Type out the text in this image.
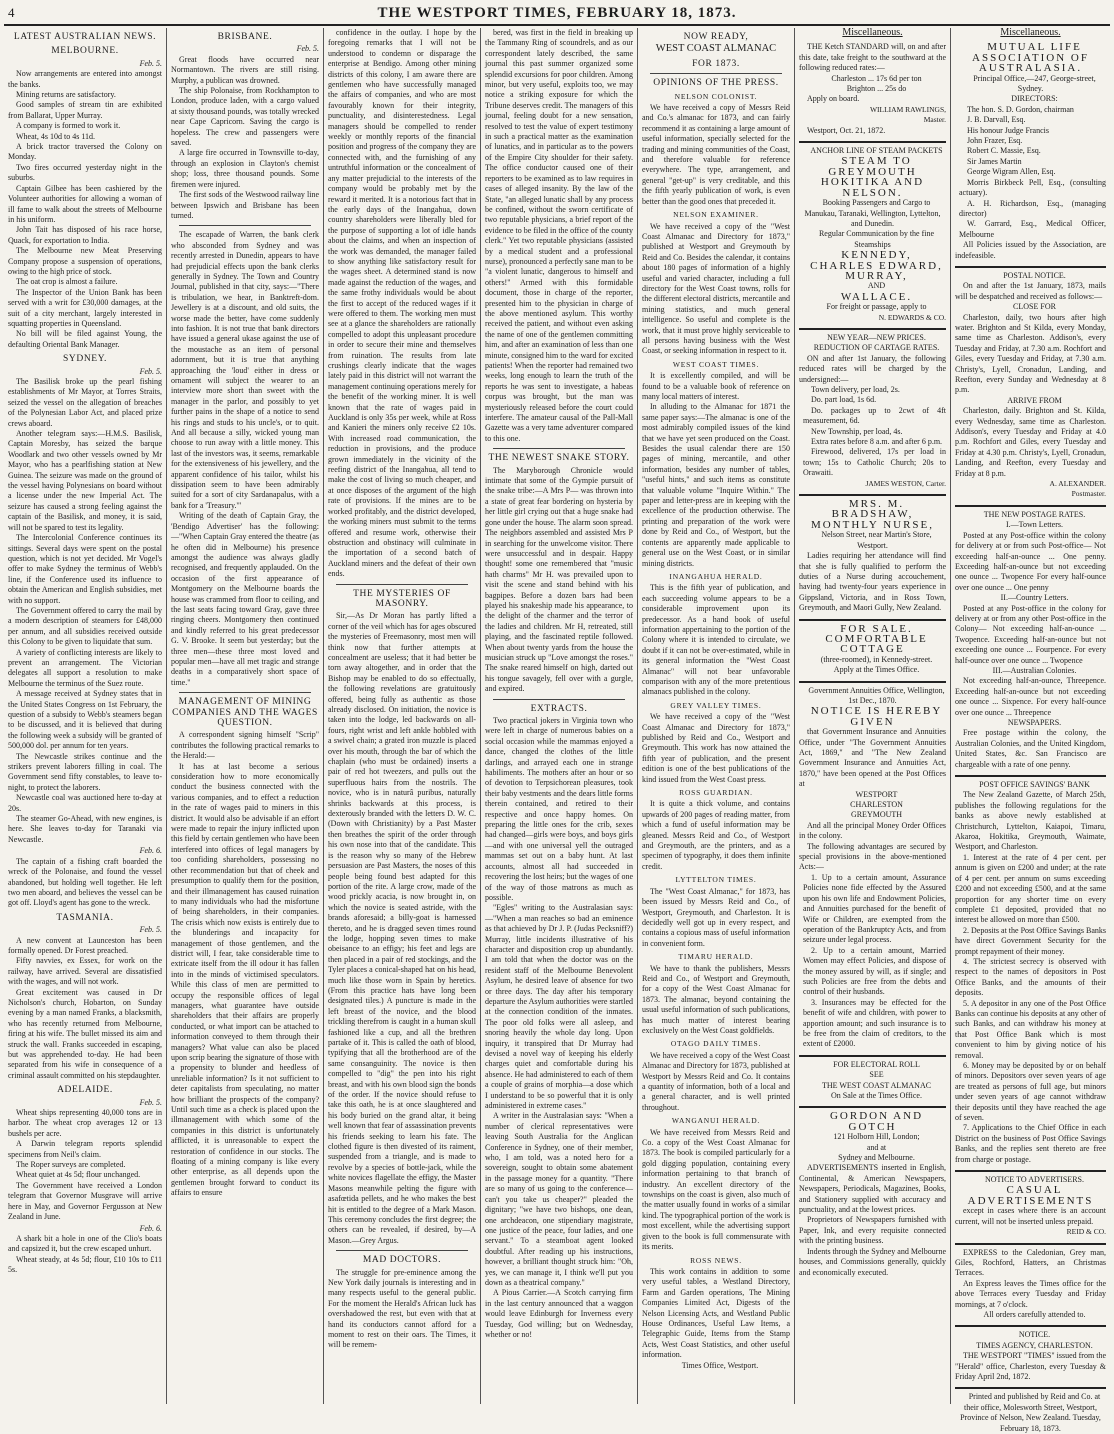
4	THE WESTPORT TIMES, FEBRUARY 18, 1873.
LATEST AUSTRALIAN NEWS.
MELBOURNE.

Feb. 5.

Now arrangements are entered into amongst the banks.

Mining returns are satisfactory.

Good samples of stream tin are exhibited from Ballarat, Upper Murray.

A company is formed to work it.

Wheat, 4s 10d to 4s 11d.

A brick tractor traversed the Colony on Monday.

Two fires occurred yesterday night in the suburbs.

Captain Gilbee has been cashiered by the Volunteer authorities for allowing a woman of ill fame to walk about the streets of Melbourne in his uniform.

John Tait has disposed of his race horse, Quack, for exportation to India.

The Melbourne new Meat Preserving Company propose a suspension of operations, owing to the high price of stock.

The oat crop is almost a failure.

The Inspector of the Union Bank has been served with a writ for £30,000 damages, at the suit of a city merchant, largely interested in squatting properties in Queensland.

No bill will be filed against Young, the defaulting Oriental Bank Manager.

SYDNEY.

Feb. 5.

The Basilisk broke up the pearl fishing establishments of Mr Mayor, at Torres Straits, seized the vessel on the allegation of breaches of the Polynesian Labor Act, and placed prize crews aboard.

Another telegram says:—H.M.S. Basilisk, Captain Moresby, has seized the barque Woodlark and two other vessels owned by Mr Mayor, who has a pearlfishing station at New Guinea. The seizure was made on the ground of the vessel having Polynesians on board without a license under the new Imperial Act. The seizure has caused a strong feeling against the captain of the Basilisk, and money, it is said, will not be spared to test its legality.

The Intercolonial Conference continues its sittings. Several days were spent on the postal question, which is not yet decided. Mr Vogel's offer to make Sydney the terminus of Webb's line, if the Conference used its influence to obtain the American and English subsidies, met with no support.

The Government offered to carry the mail by a modern description of steamers for £48,000 per annum, and all subsidies received outside this Colony to be given to liquidate that sum.

A variety of conflicting interests are likely to prevent an arrangement. The Victorian delegates all support a resolution to make Melbourne the terminus of the Suez route.

A message received at Sydney states that in the United States Congress on 1st February, the question of a subsidy to Webb's steamers began to be discussed, and it is believed that during the following week a subsidy will be granted of 500,000 dol. per annum for ten years.

The Newcastle strikes continue and the strikers prevent laborers filling in coal. The Government send fifty constables, to leave to-night, to protect the laborers.

Newcastle coal was auctioned here to-day at 20s.

The steamer Go-Ahead, with new engines, is here. She leaves to-day for Taranaki via Newcastle.

Feb. 6.

The captain of a fishing craft boarded the wreck of the Polonaise, and found the vessel abandoned, but holding well together. He left two men aboard, and believes the vessel can be got off. Lloyd's agent has gone to the wreck.

TASMANIA.

Feb. 5.

A new convent at Launceston has been formally opened. Dr Forest preached.

Fifty navvies, ex Essex, for work on the railway, have arrived. Several are dissatisfied with the wages, and will not work.

Great excitement was caused in Dr Nicholson's church, Hobarton, on Sunday evening by a man named Franks, a blacksmith, who has recently returned from Melbourne, firing at his wife. The bullet missed its aim and struck the wall. Franks succeeded in escaping, but was apprehended to-day. He had been separated from his wife in consequence of a criminal assault committed on his stepdaughter.

ADELAIDE.

Feb. 5.

Wheat ships representing 40,000 tons are in harbor. The wheat crop averages 12 or 13 bushels per acre.

A Darwin telegram reports splendid specimens from Neil's claim.

The Roper surveys are completed.

Wheat quiet at 4s 5d; flour unchanged.

The Government have received a London telegram that Governor Musgrave will arrive here in May, and Governor Fergusson at New Zealand in June.

Feb. 6.

A shark bit a hole in one of the Clio's boats and capsized it, but the crew escaped unhurt.

Wheat steady, at 4s 5d; flour, £10 10s to £11 5s.

BRISBANE.

Feb. 5.

Great floods have occurred near Normantown. The rivers are still rising. Murphy, a publican was drowned.

The ship Polonaise, from Rockhampton to London, produce laden, with a cargo valued at sixty thousand pounds, was totally wrecked near Cape Capricorn. Saving the cargo is hopeless. The crew and passengers were saved.

A large fire occurred in Townsville to-day, through an explosion in Clayton's chemist shop; loss, three thousand pounds. Some firemen were injured.

The first sods of the Westwood railway line between Ipswich and Brisbane has been turned.

The escapade of Warren, the bank clerk who absconded from Sydney and was recently arrested in Dunedin, appears to have had prejudicial effects upon the bank clerks generally in Sydney. The Town and Country Journal, published in that city, says:—"There is tribulation, we hear, in Banktreft-dom. Jewellery is at a discount, and old suits, the worse made the better, have come suddenly into fashion. It is not true that bank directors have issued a general ukase against the use of the moustache as an item of personal adornment, but it is true that anything approaching the 'loud' either in dress or ornament will subject the wearer to an interview more short than sweet with the manager in the parlor, and possibly to yet further pains in the shape of a notice to send his rings and studs to his uncle's, or to quit. And all because a silly, wicked young man choose to run away with a little money. This last of the investors was, it seems, remarkable for the extensiveness of his jewellery, and the apparent confidence of his tailor, whilst his dissipation seem to have been admirably suited for a sort of city Sardanapalus, with a bank for a 'Treasury.'"

Writing of the death of Captain Gray, the 'Bendigo Advertiser' has the following:—"When Captain Gray entered the theatre (as he often did in Melbourne) his presence amongst the audience was always gladly recognised, and frequently applauded. On the occasion of the first appearance of Montgomery on the Melbourne boards the house was crammed from floor to ceiling, and the last seats facing toward Gray, gave three ringing cheers. Montgomery then continued and kindly referred to his great predecessor G. V. Brooke. It seem but yesterday; but the three men—these three most loved and popular men—have all met tragic and strange deaths in a comparatively short space of time."

MANAGEMENT OF MINING COMPANIES AND THE WAGES QUESTION.

A correspondent signing himself "Scrip" contributes the following practical remarks to the Herald:—

It has at last become a serious consideration how to more economically conduct the business connected with the various companies, and to effect a reduction in the rate of wages paid to miners in this district. It would also be advisable if an effort were made to repair the injury inflicted upon this field by certain gentlemen who have been interfered into offices of legal managers by too confiding shareholders, possessing no other recommendation but that of cheek and presumption to qualify them for the position, and their illmanagement has caused ruination to many individuals who had the misfortune of being shareholders, in their companies. The crisis which now exists is entirely due to the blunderings and incapacity for management of those gentlemen, and the district will, I fear, take considerable time to extricate itself from the ill odour it has fallen into in the minds of victimised speculators. While this class of men are permitted to occupy the responsible offices of legal managers, what guarantee have outside shareholders that their affairs are properly conducted, or what import can be attached to information conveyed to them through their managers? What value can also be placed upon scrip bearing the signature of those with a propensity to blunder and heedless of unreliable information? Is it not sufficient to deter capitalists from speculating, no matter how brilliant the prospects of the company? Until such time as a check is placed upon the illmanagement with which some of the companies in this district is unfortunately afflicted, it is unreasonable to expect the restoration of confidence in our stocks. The floating of a mining company is like every other enterprise, as all depends upon the gentlemen brought forward to conduct its affairs to ensure

confidence in the outlay. I hope by the foregoing remarks that I will not be understood to condemn or disparage the enterprise at Bendigo. Among other mining districts of this colony, I am aware there are gentlemen who have successfully managed the affairs of companies, and who are most favourably known for their integrity, punctuality, and disinterestedness. Legal managers should be compelled to render weekly or monthly reports of the financial position and progress of the company they are connected with, and the furnishing of any untruthful information or the concealment of any matter prejudicial to the interests of the company would be probably met by the reward it merited. It is a notorious fact that in the early days of the Inangahua, down country shareholders were liberally bled for the purpose of supporting a lot of idle hands about the claims, and when an inspection of the work was demanded, the manager failed to show anything like satisfactory result for the wages sheet. A determined stand is now made against the reduction of the wages, and the same frothy individuals would be about the first to accept of the reduced wages if it were offered to them. The working men must see at a glance the shareholders are rationally compelled to adopt this unpleasant procedure in order to secure their mine and themselves from ruination. The results from late crushings clearly indicate that the wages lately paid in this district will not warrant the management continuing operations merely for the benefit of the working miner. It is well known that the rate of wages paid in Auckland is only 35s per week, while at Ross and Kanieri the miners only receive £2 10s. With increased road communication, the reduction in provisions, and the produce grown immediately in the vicinity of the reefing district of the Inangahua, all tend to make the cost of living so much cheaper, and at once disposes of the argument of the high rate of provisions. If the mines are to be worked profitably, and the district developed, the working miners must submit to the terms offered and resume work, otherwise their obstruction and obstinacy will culminate in the importation of a second batch of Auckland miners and the defeat of their own ends.

THE MYSTERIES OF MASONRY.

Sir,—As Dr Moran has partly lifted a corner of the veil which has for ages obscured the mysteries of Freemasonry, most men will think now that further attempts at concealment are useless; that it had better be torn away altogether, and in order that the Bishop may be enabled to do so effectually, the following revelations are gratuitously offered, being fully as authentic as those already disclosed. On initiation, the novice is taken into the lodge, led backwards on all-fours, right wrist and left ankle hobbled with a swivel chain; a grated iron muzzle is placed over his mouth, through the bar of which the chaplain (who must be ordained) inserts a pair of red hot tweezers, and pulls out the superfluous hairs from the nostrils. The novice, who is in naturâ puribus, naturally shrinks backwards at this process, is dexterously branded with the letters D. W. C. (Down with Christianity) by a Past Master then breathes the spirit of the order through his own nose into that of the candidate. This is the reason why so many of the Hebrew persuasion are Past Masters, the noses of this people being found best adapted for this portion of the rite. A large crow, made of the wood prickly acacia, is now brought in, on which the novice is seated astride, with the brands aforesaid; a billy-goat is harnessed thereto, and he is dragged seven times round the lodge, hopping seven times to make obeisance to an effigy; his feet and legs are then placed in a pair of red stockings, and the Tyler places a conical-shaped hat on his head, much like those worn in Spain by heretics. (From this practice hats have long been designated tiles.) A puncture is made in the left breast of the novice, and the blood trickling therefrom is caught in a human skull fashioned like a cup, and all the brethren partake of it. This is called the oath of blood, typifying that all the brotherhood are of the same consanguinity. The novice is then compelled to "dig" the pen into his right breast, and with his own blood sign the bonds of the order. If the novice should refuse to take this oath, he is at once slaughtered and his body buried on the grand altar, it being well known that fear of assassination prevents his friends seeking to learn his fate. The clothed figure is then divested of its raiment, suspended from a triangle, and is made to revolve by a species of bottle-jack, while the white novices flagellate the effigy, the Master Masons meanwhile pelting the figure with asafœtida pellets, and he who makes the best hit is entitled to the degree of a Mark Mason. This ceremony concludes the first degree; the others can be revealed, if desired, by—A Mason.—Grey Argus.

MAD DOCTORS.

The struggle for pre-eminence among the New York daily journals is interesting and in many respects useful to the general public. For the moment the Herald's African luck has overshadowed the rest, but even with that at hand its conductors cannot afford for a moment to rest on their oars. The Times, it will be remem-

bered, was first in the field in breaking up the Tammany Ring of scoundrels, and as our correspondent lately described, the same journal this past summer organized some splendid excursions for poor children. Among minor, but very useful, exploits too, we may notice a striking exposure for which the Tribune deserves credit. The managers of this journal, feeling doubt for a new sensation, resolved to test the value of expert testimony in such a practical matter as the examination of lunatics, and in particular as to the powers of the Empire City shoulder for their safety. The office conductor caused one of their reporters to be examined as to law requires in cases of alleged insanity. By the law of the State, "an alleged lunatic shall by any process be confined, without the sworn certificate of two reputable physicians, a brief report of the evidence to be filed in the office of the county clerk." Yet two reputable physicians (assisted by a medical student and a professional nurse), pronounced a perfectly sane man to be "a violent lunatic, dangerous to himself and others!" Armed with this formidable document, those in charge of the reporter, presented him to the physician in charge of the above mentioned asylum. This worthy received the patient, and without even asking the name of one of the gentlemen committing him, and after an examination of less than one minute, consigned him to the ward for excited patients! When the reporter had remained two weeks, long enough to learn the truth of the reports he was sent to investigate, a habeas corpus was brought, but the man was mysteriously released before the court could interfere. The amateur causal of the Pall-Mall Gazette was a very tame adventurer compared to this one.

THE NEWEST SNAKE STORY.

The Maryborough Chronicle would intimate that some of the Gympie pursuit of the snake tribe:—A Mrs P— was thrown into a state of great fear bordering on hysteria by her little girl crying out that a huge snake had gone under the house. The alarm soon spread. The neighbors assembled and assisted Mrs P in searching for the unwelcome visitor. There were unsuccessful and in despair. Happy thought! some one remembered that "music hath charms" Mr H. was prevailed upon to visit the scene and stand behind with his bagpipes. Before a dozen bars had been played his snakeship made his appearance, to the delight of the charmer and the terror of the ladies and children. Mr H, retreated, still playing, and the fascinated reptile followed. When about twenty yards from the house the musician struck up "Love amongst the roses." The snake reared himself on high, darted out his tongue savagely, fell over with a gurgle, and expired.

EXTRACTS.

Two practical jokers in Virginia town who were left in charge of numerous babies on a social occasion while the mammas enjoyed a dance, changed the clothes of the little darlings, and arrayed each one in strange habiliments. The mothers after an hour or so of devotion to Terpsichorean pleasures, took their baby vestments and the dears little forms therein contained, and retired to their respective and once happy homes. On preparing the little ones for the crib, sexes had changed—girls were boys, and boys girls—and with one universal yell the outraged mammas set out on a baby hunt. At last accounts, almost all had succeeded in recovering the lost heirs; but the wages of one of the way of those matrons as much as possible.

"Egles" writing to the Australasian says:—"When a man reaches so bad an eminence as that achieved by Dr J. P. (Judas Pecksniff?) Murray, little incidents illustrative of his character and disposition crop up abundantly. I am told that when the doctor was on the resident staff of the Melbourne Benevolent Asylum, he desired leave of absence for two or three days. The day after his temporary departure the Asylum authorities were startled at the connection condition of the inmates. The poor old folks were all asleep, and snoring heavily the whole day long. Upon inquiry, it transpired that Dr Murray had devised a novel way of keeping his elderly charges quiet and comfortable during his absence. He had administered to each of them a couple of grains of morphia—a dose which I understand to be so powerful that it is only administered in extreme cases."

A writer in the Australasian says: "When a number of clerical representatives were leaving South Australia for the Anglican Conference in Sydney, one of their member, who, I am told, was a noted hero for a sovereign, sought to obtain some abatement in the passage money for a quantity. "There are so many of us going to the conference—can't you take us cheaper?" pleaded the dignitary; "we have two bishops, one dean, one archdeacon, one stipendiary magistrate, one justice of the peace, four ladies, and one servant." To a steamboat agent looked doubtful. After reading up his instructions, however, a brilliant thought struck him: "Oh, yes, we can manage it, I think we'll put you down as a theatrical company."

A Pious Carrier.—A Scotch carrying firm in the last century announced that a waggon would leave Edinburgh for Inverness every Tuesday, God willing; but on Wednesday, whether or no!

NOW READY,
WEST COAST ALMANAC
FOR 1873.
OPINIONS OF THE PRESS.

NELSON COLONIST.

We have received a copy of Messrs Reid and Co.'s almanac for 1873, and can fairly recommend it as containing a large amount of useful information, specially selected for the trading and mining communities of the Coast, and therefore valuable for reference everywhere. The type, arrangement, and general "get-up" is very creditable, and this the fifth yearly publication of work, is even better than the good ones that preceded it.

NELSON EXAMINER.

We have received a copy of the "West Coast Almanac and Directory for 1873," published at Westport and Greymouth by Reid and Co. Besides the calendar, it contains about 180 pages of information of a highly useful and varied character, including a full directory for the West Coast towns, rolls for the different electoral districts, mercantile and mining statistics, and much general intelligence. So useful and complete is the work, that it must prove highly serviceable to all persons having business with the West Coast, or seeking information in respect to it.

WEST COAST TIMES.

It is excellently compiled, and will be found to be a valuable book of reference on many local matters of interest.

In alluding to the Almanac for 1871 the same paper says:—The almanac is one of the most admirably compiled issues of the kind that we have yet seen produced on the Coast. Besides the usual calendar there are 150 pages of mining, mercantile, and other information, besides any number of tables, "useful hints," and such items as constitute that valuable volume "Inquire Within." The paper and letter-press are in keeping with the excellence of the production otherwise. The printing and preparation of the work were done by Reid and Co., of Westport, but the contents are apparently made applicable to general use on the West Coast, or in similar mining districts.

INANGAHUA HERALD.

This is the fifth year of publication, and each succeeding volume appears to be a considerable improvement upon its predecessor. As a hand book of useful information appertaining to the portion of the Colony where it is intended to circulate, we doubt if it can not be over-estimated, while in its general information the "West Coast Almanac" will not bear unfavorable comparison with any of the more pretentious almanacs published in the colony.

GREY VALLEY TIMES.

We have received a copy of the "West Coast Almanac and Directory for 1873," published by Reid and Co., Westport and Greymouth. This work has now attained the fifth year of publication, and the present edition is one of the best publications of the kind issued from the West Coast press.

ROSS GUARDIAN.

It is quite a thick volume, and contains upwards of 200 pages of reading matter, from which a fund of useful information may be gleaned. Messrs Reid and Co., of Westport and Greymouth, are the printers, and as a specimen of typography, it does them infinite credit.

LYTTELTON TIMES.

The "West Coast Almanac," for 1873, has been issued by Messrs Reid and Co., of Westport, Greymouth, and Charleston. It is decidedly well got up in every respect, and contains a copious mass of useful information in convenient form.

TIMARU HERALD.

We have to thank the publishers, Messrs Reid and Co., of Westport and Greymouth, for a copy of the West Coast Almanac for 1873. The almanac, beyond containing the usual useful information of such publications, has much matter of interest bearing exclusively on the West Coast goldfields.

OTAGO DAILY TIMES.

We have received a copy of the West Coast Almanac and Directory for 1873, published at Westport by Messrs Reid and Co. It contains a quantity of information, both of a local and a general character, and is well printed throughout.

WANGANUI HERALD.

We have received from Messrs Reid and Co. a copy of the West Coast Almanac for 1873. The book is compiled particularly for a gold digging population, containing every information pertaining to that branch of industry. An excellent directory of the townships on the coast is given, also much of the matter usually found in works of a similar kind. The typographical portion of the work is most excellent, while the advertising support given to the book is full commensurate with its merits.

ROSS NEWS.

This work contains in addition to some very useful tables, a Westland Directory, Farm and Garden operations, The Mining Companies Limited Act, Digests of the Nelson Licensing Acts, and Westland Public House Ordinances, Useful Law Items, a Telegraphic Guide, Items from the Stamp Acts, West Coast Statistics, and other useful information.

Times Office, Westport.

Miscellaneous.

THE Ketch STANDARD will, on and after this date, take freight to the southward at the following reduced rates:—

Charleston ... 17s 6d per ton

Brighton ... 25s do

Apply on board.

WILLIAM RAWLINGS,

Master.

Westport, Oct. 21, 1872.

ANCHOR LINE OF STEAM PACKETS

STEAM TO GREYMOUTH HOKITIKA AND NELSON.

Booking Passengers and Cargo to Manukau, Taranaki, Wellington, Lyttelton, and Dunedin.

Regular Communication by the fine Steamships

KENNEDY,

CHARLES EDWARD,

MURRAY,

AND

WALLACE.

For freight or passage, apply to

N. EDWARDS & CO.

NEW YEAR—NEW PRICES.

REDUCTION OF CARTAGE RATES.

ON and after 1st January, the following reduced rates will be charged by the undersigned:—

Town delivery, per load, 2s.

Do. part load, 1s 6d.

Do. packages up to 2cwt of 4ft measurement, 6d.

New Township, per load, 4s.

Extra rates before 8 a.m. and after 6 p.m.

Firewood, delivered, 17s per load in town; 15s to Catholic Church; 20s to Orawaiti.

JAMES WESTON, Carter.

MRS. M. BRADSHAW, MONTHLY NURSE,

Nelson Street, near Martin's Store, Westport.

Ladies requiring her attendance will find that she is fully qualified to perform the duties of a Nurse during accouchement, having had twenty-four years experience in Gippsland, Victoria, and in Ross Town, Greymouth, and Maori Gully, New Zealand.

FOR SALE.

COMFORTABLE COTTAGE

(three-roomed), in Kennedy-street.

Apply at the Times Office.

Government Annuities Office, Wellington, 1st Dec., 1870.

NOTICE IS HEREBY GIVEN

that Government Insurance and Annuities Office, under "The Government Annuities Act, 1869," and "The New Zealand Government Insurance and Annuities Act, 1870," have been opened at the Post Offices at

WESTPORT

CHARLESTON

GREYMOUTH

And all the principal Money Order Offices in the colony.

The following advantages are secured by special provisions in the above-mentioned Acts:—

1. Up to a certain amount, Assurance Policies none fide effected by the Assured upon his own life and Endowment Policies, and Annuities purchased for the benefit of Wife or Children, are exempted from the operation of the Bankruptcy Acts, and from seizure under legal process.

2. Up to a certain amount, Married Women may effect Policies, and dispose of the money assured by will, as if single; and such Policies are free from the debts and control of their husbands.

3. Insurances may be effected for the benefit of wife and children, with power to apportion amount; and such insurance is to be free from the claim of creditors, to the extent of £2000.

FOR ELECTORAL ROLL

SEE

THE WEST COAST ALMANAC

On Sale at the Times Office.

GORDON AND GOTCH

121 Holborn Hill, London;

and at

Sydney and Melbourne.

ADVERTISEMENTS inserted in English, Continental, & American Newspapers, Newspapers, Periodicals, Magazines, Books, and Stationery supplied with accuracy and punctuality, and at the lowest prices.

Proprietors of Newspapers furnished with Paper, Ink, and every requisite connected with the printing business.

Indents through the Sydney and Melbourne houses, and Commissions generally, quickly and economically executed.

Miscellaneous.

MUTUAL LIFE ASSOCIATION OF AUSTRALASIA.

Principal Office,—247, George-street, Sydney.

DIRECTORS:

The hon. S. D. Gordon, chairman

J. B. Darvall, Esq.

His honour Judge Francis

John Frazer, Esq.

Robert C. Massie, Esq.

Sir James Martin

George Wigram Allen, Esq.

Morris Birkbeck Pell, Esq., (consulting actuary).

A. H. Richardson, Esq., (managing director)

W. Garrard, Esq., Medical Officer, Melbourne

All Policies issued by the Association, are indefeasible.

POSTAL NOTICE.

On and after the 1st January, 1873, mails will be despatched and received as follows:—

CLOSE FOR

Charleston, daily, two hours after high water. Brighton and St Kilda, every Monday, same time as Charleston. Addison's, every Tuesday and Friday, at 7.30 a.m. Rochfort and Giles, every Tuesday and Friday, at 7.30 a.m. Christy's, Lyell, Cronadun, Landing, and Reefton, every Sunday and Wednesday at 8 p.m.

ARRIVE FROM

Charleston, daily. Brighton and St. Kilda, every Wednesday, same time as Charleston. Addison's, every Tuesday and Friday at 4.0 p.m. Rochfort and Giles, every Tuesday and Friday at 4.30 p.m. Christy's, Lyell, Cronadun, Landing, and Reefton, every Tuesday and Friday at 8 p.m.

A. ALEXANDER.

Postmaster.

THE NEW POSTAGE RATES.

I.—Town Letters.

Posted at any Post-office within the colony for delivery at or from such Post-office— Not exceeding half-an-ounce ... One penny. Exceeding half-an-ounce but not exceeding one ounce ... Twopence For every half-ounce over one ounce ... One penny

II.—Country Letters.

Posted at any Post-office in the colony for delivery at or from any other Post-office in the Colony— Not exceeding half-an-ounce ... Twopence. Exceeding half-an-ounce but not exceeding one ounce ... Fourpence. For every half-ounce over one ounce ... Twopence

III.—Australian Colonies.

Not exceeding half-an-ounce, Threepence. Exceeding half-an-ounce but not exceeding one ounce ... Sixpence. For every half-ounce over one ounce ... Threepence

NEWSPAPERS.

Free postage within the colony, the Australian Colonies, and the United Kingdom, United States, &c. San Francisco are chargeable with a rate of one penny.

POST OFFICE SAVINGS' BANK

The New Zealand Gazette, of March 25th, publishes the following regulations for the banks as above newly established at Christchurch, Lyttelton, Kaiapoi, Timaru, Akaroa, Hokitika, Greymouth, Waimate, Westport, and Charleston.

1. Interest at the rate of 4 per cent. per annum is given on £200 and under; at the rate of 4 per cent. per annum on sums exceeding £200 and not exceeding £500, and at the same proportion for any shorter time on every complete £1 deposited, provided that no interest be allowed on more than £500.

2. Deposits at the Post Office Savings Banks have direct Government Security for the prompt repayment of their money.

4. The strictest secrecy is observed with respect to the names of depositors in Post Office Banks, and the amounts of their deposits.

5. A depositor in any one of the Post Office Banks can continue his deposits at any other of such Banks, and can withdraw his money at that Post Office Bank which is most convenient to him by giving notice of his removal.

6. Money may be deposited by or on behalf of minors. Depositors over seven years of age are treated as persons of full age, but minors under seven years of age cannot withdraw their deposits until they have reached the age of seven.

7. Applications to the Chief Office in each District on the business of Post Office Savings Banks, and the replies sent thereto are free from charge or postage.

NOTICE TO ADVERTISERS.

CASUAL ADVERTISEMENTS

except in cases where there is an account current, will not be inserted unless prepaid.

REID & CO.

EXPRESS to the Caledonian, Grey man, Giles, Rochford, Hatters, an Christmas Terraces.

An Express leaves the Times office for the above Terraces every Tuesday and Friday mornings, at 7 o'clock.

All orders carefully attended to.

NOTICE.

TIMES AGENCY, CHARLESTON.

THE WESTPORT "TIMES" issued from the "Herald" office, Charleston, every Tuesday & Friday April 2nd, 1872.

Printed and published by Reid and Co. at their office, Molesworth Street, Westport, Province of Nelson, New Zealand. Tuesday, February 18, 1873.
